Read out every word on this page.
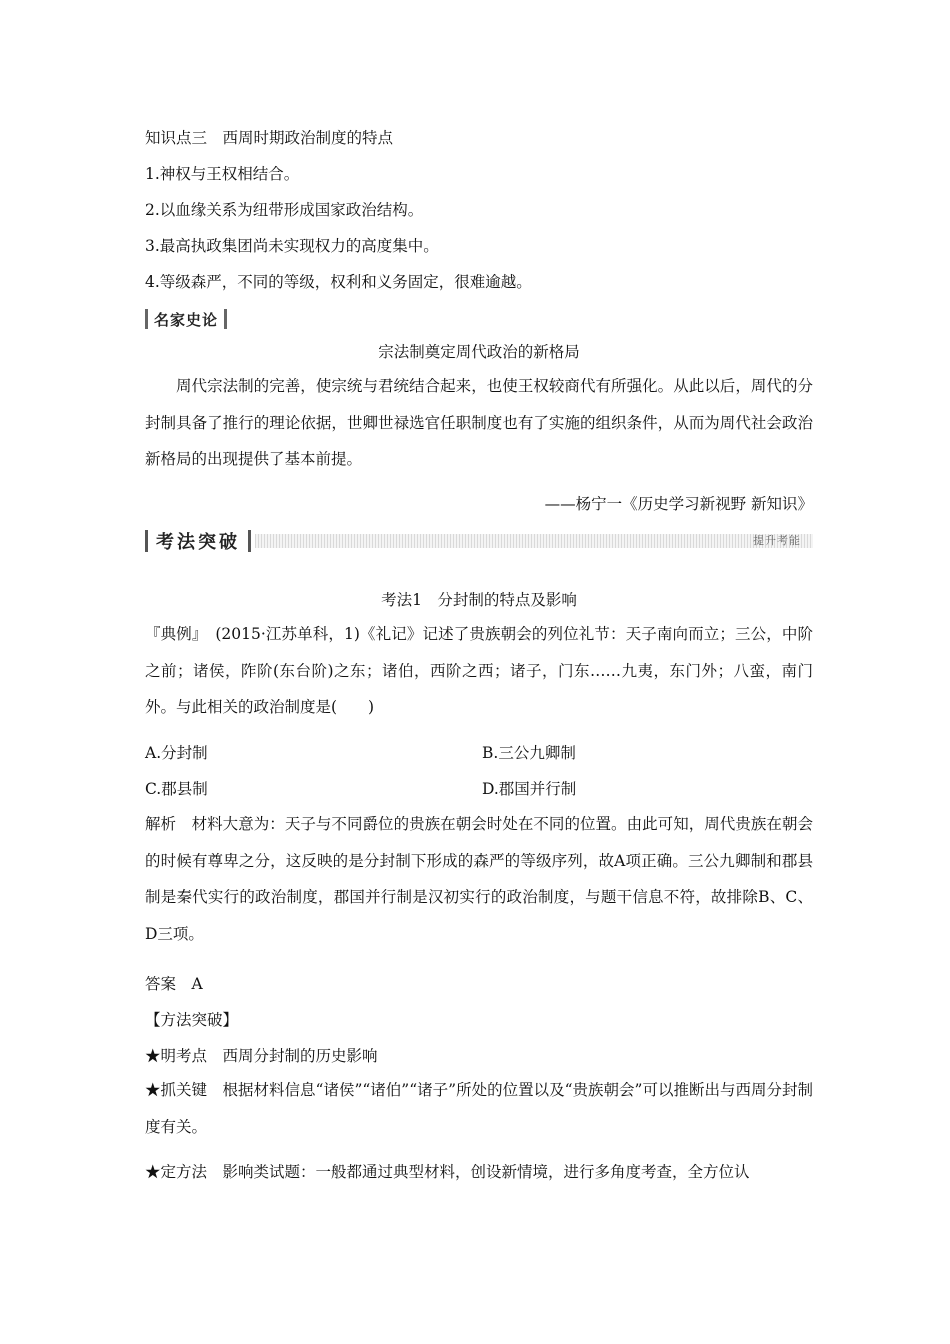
知识点三　西周时期政治制度的特点
1.神权与王权相结合。
2.以血缘关系为纽带形成国家政治结构。
3.最高执政集团尚未实现权力的高度集中。
4.等级森严，不同的等级，权利和义务固定，很难逾越。
名家史论
宗法制奠定周代政治的新格局
周代宗法制的完善，使宗统与君统结合起来，也使王权较商代有所强化。从此以后，周代的分封制具备了推行的理论依据，世卿世禄选官任职制度也有了实施的组织条件，从而为周代社会政治新格局的出现提供了基本前提。
——杨宁一《历史学习新视野 新知识》
考法突破	提升考能
考法1　分封制的特点及影响
『典例』　(2015·江苏单科，1)《礼记》记述了贵族朝会的列位礼节：天子南向而立；三公，中阶之前；诸侯，阼阶(东台阶)之东；诸伯，西阶之西；诸子，门东……九夷，东门外；八蛮，南门外。与此相关的政治制度是(　　)
A.分封制	B.三公九卿制
C.郡县制	D.郡国并行制
解析　材料大意为：天子与不同爵位的贵族在朝会时处在不同的位置。由此可知，周代贵族在朝会的时候有尊卑之分，这反映的是分封制下形成的森严的等级序列，故A项正确。三公九卿制和郡县制是秦代实行的政治制度，郡国并行制是汉初实行的政治制度，与题干信息不符，故排除B、C、D三项。
答案　A
【方法突破】
★明考点　西周分封制的历史影响
★抓关键　根据材料信息“诸侯”“诸伯”“诸子”所处的位置以及“贵族朝会”可以推断出与西周分封制度有关。
★定方法　影响类试题：一般都通过典型材料，创设新情境，进行多角度考查，全方位认
